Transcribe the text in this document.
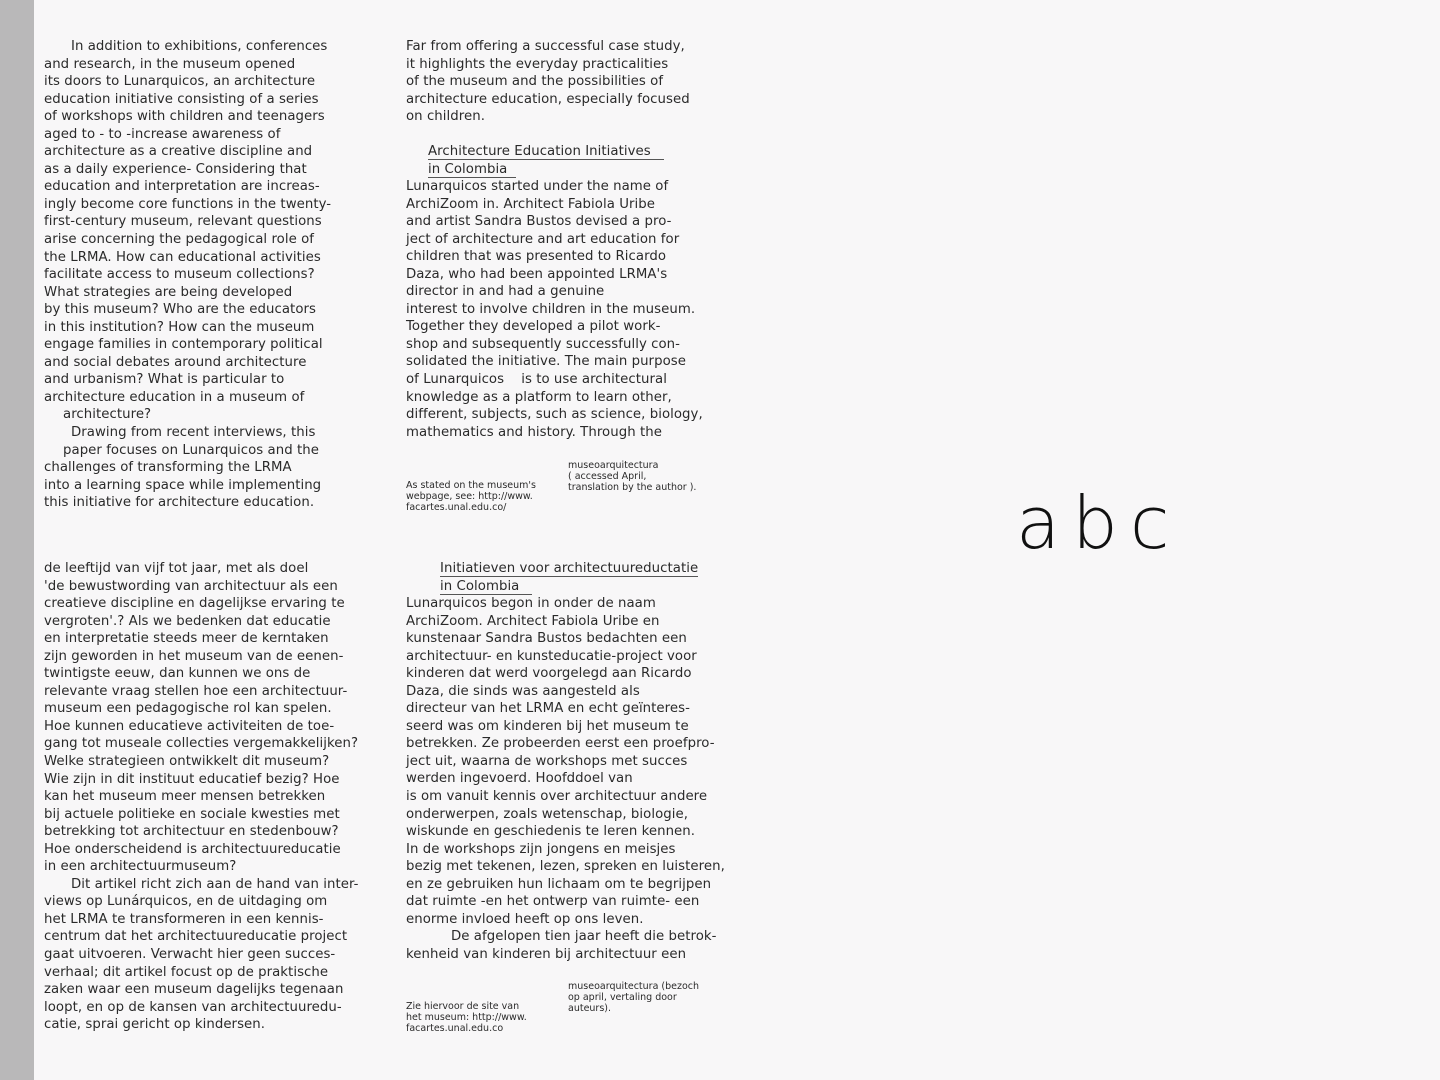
In addition to exhibitions, conferences
and research, in the museum opened
its doors to Lunarquicos, an architecture
education initiative consisting of a series
of workshops with children and teenagers
aged to - to -increase awareness of
architecture as a creative discipline and
as a daily experience- Considering that
education and interpretation are increas-
ingly become core functions in the twenty-
first-century museum, relevant questions
arise concerning the pedagogical role of
the LRMA. How can educational activities
facilitate access to museum collections?
What strategies are being developed
by this museum? Who are the educators
in this institution? How can the museum
engage families in contemporary political
and social debates around architecture
and urbanism? What is particular to
architecture education in a museum of
architecture?
Drawing from recent interviews, this
paper focuses on Lunarquicos and the
challenges of transforming the LRMA
into a learning space while implementing
this initiative for architecture education.
Far from offering a successful case study,
it highlights the everyday practicalities
of the museum and the possibilities of
architecture education, especially focused
on children.
Architecture Education Initiatives
in Colombia
Lunarquicos started under the name of
ArchiZoom in. Architect Fabiola Uribe
and artist Sandra Bustos devised a pro-
ject of architecture and art education for
children that was presented to Ricardo
Daza, who had been appointed LRMA's
director in and had a genuine
interest to involve children in the museum.
Together they developed a pilot work-
shop and subsequently successfully con-
solidated the initiative. The main purpose
of Lunarquicos    is to use architectural
knowledge as a platform to learn other,
different, subjects, such as science, biology,
mathematics and history. Through the
As stated on the museum's
webpage, see: http://www.
facartes.unal.edu.co/
museoarquitectura
( accessed April,
translation by the author ).
de leeftijd van vijf tot jaar, met als doel
'de bewustwording van architectuur als een
creatieve discipline en dagelijkse ervaring te
vergroten'.? Als we bedenken dat educatie
en interpretatie steeds meer de kerntaken
zijn geworden in het museum van de eenen-
twintigste eeuw, dan kunnen we ons de
relevante vraag stellen hoe een architectuur-
museum een pedagogische rol kan spelen.
Hoe kunnen educatieve activiteiten de toe-
gang tot museale collecties vergemakkelijken?
Welke strategieen ontwikkelt dit museum?
Wie zijn in dit instituut educatief bezig? Hoe
kan het museum meer mensen betrekken
bij actuele politieke en sociale kwesties met
betrekking tot architectuur en stedenbouw?
Hoe onderscheidend is architectuureducatie
in een architectuurmuseum?
Dit artikel richt zich aan de hand van inter-
views op Lunárquicos, en de uitdaging om
het LRMA te transformeren in een kennis-
centrum dat het architectuureducatie project
gaat uitvoeren. Verwacht hier geen succes-
verhaal; dit artikel focust op de praktische
zaken waar een museum dagelijks tegenaan
loopt, en op de kansen van architectuuredu-
catie, sprai gericht op kindersen.
Initiatieven voor architectuureductatie
in Colombia
Lunarquicos begon in onder de naam
ArchiZoom. Architect Fabiola Uribe en
kunstenaar Sandra Bustos bedachten een
architectuur- en kunsteducatie-project voor
kinderen dat werd voorgelegd aan Ricardo
Daza, die sinds was aangesteld als
directeur van het LRMA en echt geïnteres-
seerd was om kinderen bij het museum te
betrekken. Ze probeerden eerst een proefpro-
ject uit, waarna de workshops met succes
werden ingevoerd. Hoofddoel van
is om vanuit kennis over architectuur andere
onderwerpen, zoals wetenschap, biologie,
wiskunde en geschiedenis te leren kennen.
In de workshops zijn jongens en meisjes
bezig met tekenen, lezen, spreken en luisteren,
en ze gebruiken hun lichaam om te begrijpen
dat ruimte -en het ontwerp van ruimte- een
enorme invloed heeft op ons leven.
De afgelopen tien jaar heeft die betrok-
kenheid van kinderen bij architectuur een
Zie hiervoor de site van
het museum: http://www.
facartes.unal.edu.co
museoarquitectura (bezoch
op april, vertaling door
auteurs).
abc
